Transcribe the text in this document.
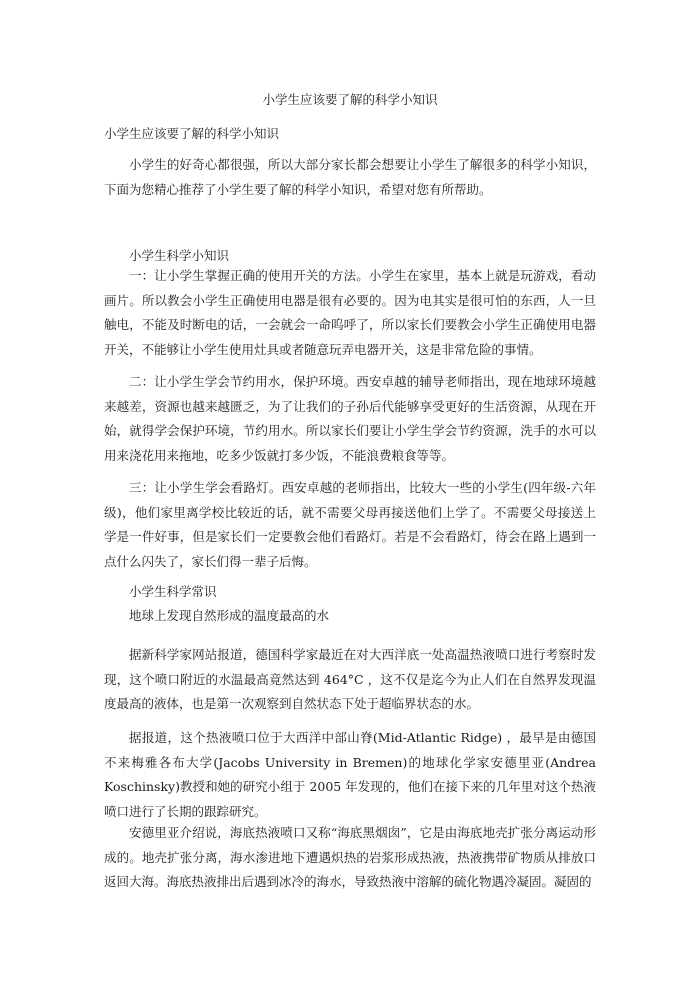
小学生应该要了解的科学小知识
小学生应该要了解的科学小知识

小学生的好奇心都很强，所以大部分家长都会想要让小学生了解很多的科学小知识，下面为您精心推荐了小学生要了解的科学小知识，希望对您有所帮助。

小学生科学小知识

一：让小学生掌握正确的使用开关的方法。小学生在家里，基本上就是玩游戏，看动画片。所以教会小学生正确使用电器是很有必要的。因为电其实是很可怕的东西，人一旦触电，不能及时断电的话，一会就会一命呜呼了，所以家长们要教会小学生正确使用电器开关，不能够让小学生使用灶具或者随意玩弄电器开关，这是非常危险的事情。

二：让小学生学会节约用水，保护环境。西安卓越的辅导老师指出，现在地球环境越来越差，资源也越来越匮乏，为了让我们的子孙后代能够享受更好的生活资源，从现在开始，就得学会保护环境，节约用水。所以家长们要让小学生学会节约资源，洗手的水可以用来浇花用来拖地，吃多少饭就打多少饭，不能浪费粮食等等。

三：让小学生学会看路灯。西安卓越的老师指出，比较大一些的小学生(四年级-六年级)，他们家里离学校比较近的话，就不需要父母再接送他们上学了。不需要父母接送上学是一件好事，但是家长们一定要教会他们看路灯。若是不会看路灯，待会在路上遇到一点什么闪失了，家长们得一辈子后悔。

小学生科学常识
地球上发现自然形成的温度最高的水

据新科学家网站报道，德国科学家最近在对大西洋底一处高温热液喷口进行考察时发现，这个喷口附近的水温最高竟然达到 464°C ，这不仅是迄今为止人们在自然界发现温度最高的液体，也是第一次观察到自然状态下处于超临界状态的水。

据报道，这个热液喷口位于大西洋中部山脊(Mid-Atlantic Ridge) ，最早是由德国不来梅雅各布大学(Jacobs University in Bremen)的地球化学家安德里亚(Andrea Koschinsky)教授和她的研究小组于 2005 年发现的，他们在接下来的几年里对这个热液喷口进行了长期的跟踪研究。

安德里亚介绍说，海底热液喷口又称“海底黑烟囱”，它是由海底地壳扩张分离运动形成的。地壳扩张分离，海水渗进地下遭遇炽热的岩浆形成热液，热液携带矿物质从排放口返回大海。海底热液排出后遇到冰冷的海水，导致热液中溶解的硫化物遇冷凝固。凝固的
